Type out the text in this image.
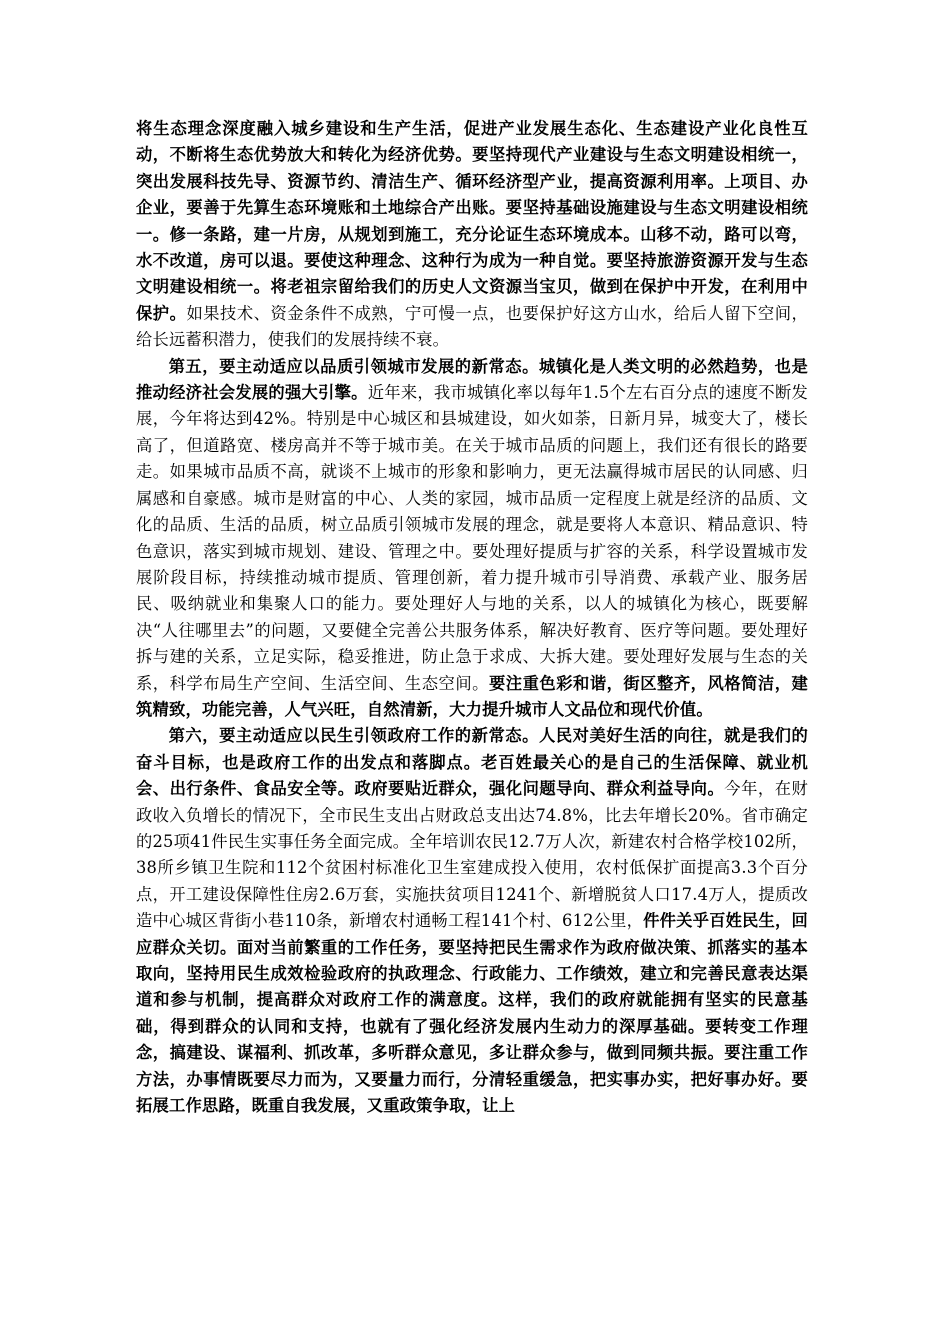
将生态理念深度融入城乡建设和生产生活，促进产业发展生态化、生态建设产业化良性互动，不断将生态优势放大和转化为经济优势。要坚持现代产业建设与生态文明建设相统一，突出发展科技先导、资源节约、清洁生产、循环经济型产业，提高资源利用率。上项目、办企业，要善于先算生态环境账和土地综合产出账。要坚持基础设施建设与生态文明建设相统一。修一条路，建一片房，从规划到施工，充分论证生态环境成本。山移不动，路可以弯，水不改道，房可以退。要使这种理念、这种行为成为一种自觉。要坚持旅游资源开发与生态文明建设相统一。将老祖宗留给我们的历史人文资源当宝贝，做到在保护中开发，在利用中保护。如果技术、资金条件不成熟，宁可慢一点，也要保护好这方山水，给后人留下空间，给长远蓄积潜力，使我们的发展持续不衰。

第五，要主动适应以品质引领城市发展的新常态。城镇化是人类文明的必然趋势，也是推动经济社会发展的强大引擎。近年来，我市城镇化率以每年1.5个左右百分点的速度不断发展，今年将达到42%。特别是中心城区和县城建设，如火如荼，日新月异，城变大了，楼长高了，但道路宽、楼房高并不等于城市美。在关于城市品质的问题上，我们还有很长的路要走。如果城市品质不高，就谈不上城市的形象和影响力，更无法赢得城市居民的认同感、归属感和自豪感。城市是财富的中心、人类的家园，城市品质一定程度上就是经济的品质、文化的品质、生活的品质，树立品质引领城市发展的理念，就是要将人本意识、精品意识、特色意识，落实到城市规划、建设、管理之中。要处理好提质与扩容的关系，科学设置城市发展阶段目标，持续推动城市提质、管理创新，着力提升城市引导消费、承载产业、服务居民、吸纳就业和集聚人口的能力。要处理好人与地的关系，以人的城镇化为核心，既要解决“人往哪里去”的问题，又要健全完善公共服务体系，解决好教育、医疗等问题。要处理好拆与建的关系，立足实际，稳妥推进，防止急于求成、大拆大建。要处理好发展与生态的关系，科学布局生产空间、生活空间、生态空间。要注重色彩和谐，街区整齐，风格简洁，建筑精致，功能完善，人气兴旺，自然清新，大力提升城市人文品位和现代价值。

第六，要主动适应以民生引领政府工作的新常态。人民对美好生活的向往，就是我们的奋斗目标，也是政府工作的出发点和落脚点。老百姓最关心的是自己的生活保障、就业机会、出行条件、食品安全等。政府要贴近群众，强化问题导向、群众利益导向。今年，在财政收入负增长的情况下，全市民生支出占财政总支出达74.8%，比去年增长20%。省市确定的25项41件民生实事任务全面完成。全年培训农民12.7万人次，新建农村合格学校102所，38所乡镇卫生院和112个贫困村标准化卫生室建成投入使用，农村低保扩面提高3.3个百分点，开工建设保障性住房2.6万套，实施扶贫项目1241个、新增脱贫人口17.4万人，提质改造中心城区背街小巷110条，新增农村通畅工程141个村、612公里，件件关乎百姓民生，回应群众关切。面对当前繁重的工作任务，要坚持把民生需求作为政府做决策、抓落实的基本取向，坚持用民生成效检验政府的执政理念、行政能力、工作绩效，建立和完善民意表达渠道和参与机制，提高群众对政府工作的满意度。这样，我们的政府就能拥有坚实的民意基础，得到群众的认同和支持，也就有了强化经济发展内生动力的深厚基础。要转变工作理念，搞建设、谋福利、抓改革，多听群众意见，多让群众参与，做到同频共振。要注重工作方法，办事情既要尽力而为，又要量力而行，分清轻重缓急，把实事办实，把好事办好。要拓展工作思路，既重自我发展，又重政策争取，让上
